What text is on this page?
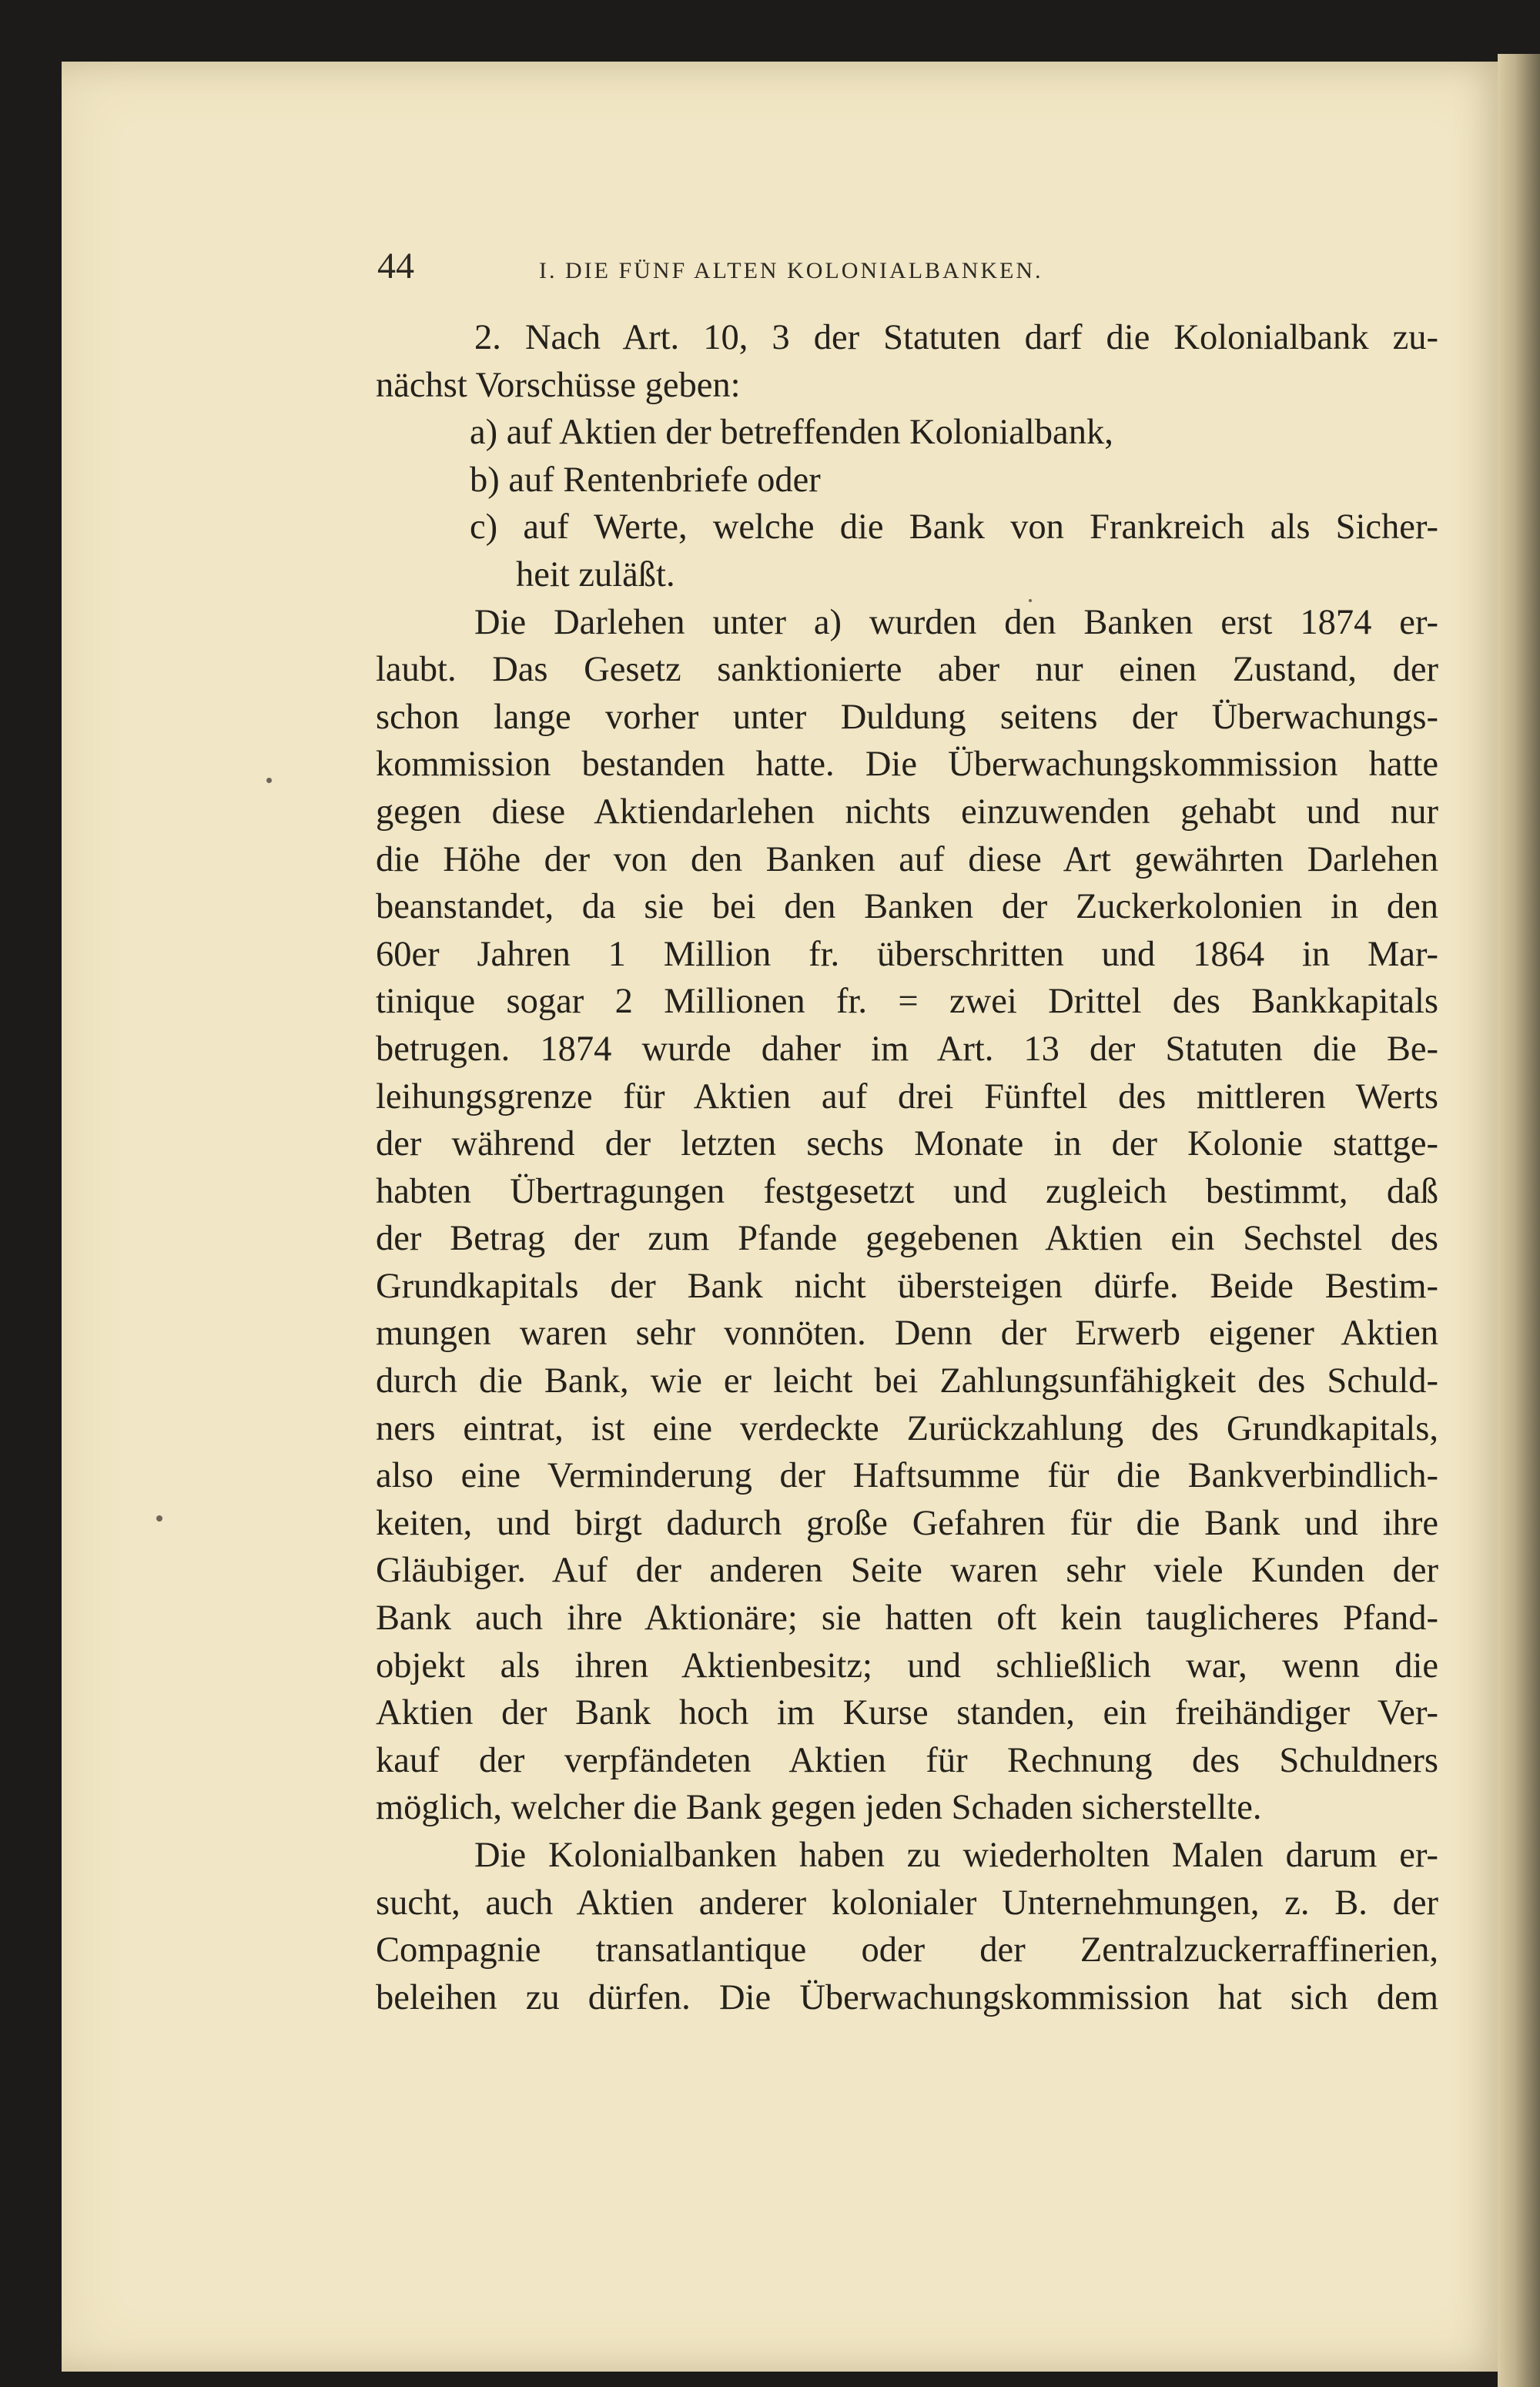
44	I. DIE FÜNF ALTEN KOLONIALBANKEN.
2. Nach Art. 10, 3 der Statuten darf die Kolonialbank zu-
nächst Vorschüsse geben:
a) auf Aktien der betreffenden Kolonialbank,
b) auf Rentenbriefe oder
c) auf Werte, welche die Bank von Frankreich als Sicher-
heit zuläßt.
Die Darlehen unter a) wurden den Banken erst 1874 er-
laubt. Das Gesetz sanktionierte aber nur einen Zustand, der
schon lange vorher unter Duldung seitens der Überwachungs-
kommission bestanden hatte. Die Überwachungskommission hatte
gegen diese Aktiendarlehen nichts einzuwenden gehabt und nur
die Höhe der von den Banken auf diese Art gewährten Darlehen
beanstandet, da sie bei den Banken der Zuckerkolonien in den
60er Jahren 1 Million fr. überschritten und 1864 in Mar-
tinique sogar 2 Millionen fr. = zwei Drittel des Bankkapitals
betrugen. 1874 wurde daher im Art. 13 der Statuten die Be-
leihungsgrenze für Aktien auf drei Fünftel des mittleren Werts
der während der letzten sechs Monate in der Kolonie stattge-
habten Übertragungen festgesetzt und zugleich bestimmt, daß
der Betrag der zum Pfande gegebenen Aktien ein Sechstel des
Grundkapitals der Bank nicht übersteigen dürfe. Beide Bestim-
mungen waren sehr vonnöten. Denn der Erwerb eigener Aktien
durch die Bank, wie er leicht bei Zahlungsunfähigkeit des Schuld-
ners eintrat, ist eine verdeckte Zurückzahlung des Grundkapitals,
also eine Verminderung der Haftsumme für die Bankverbindlich-
keiten, und birgt dadurch große Gefahren für die Bank und ihre
Gläubiger. Auf der anderen Seite waren sehr viele Kunden der
Bank auch ihre Aktionäre; sie hatten oft kein tauglicheres Pfand-
objekt als ihren Aktienbesitz; und schließlich war, wenn die
Aktien der Bank hoch im Kurse standen, ein freihändiger Ver-
kauf der verpfändeten Aktien für Rechnung des Schuldners
möglich, welcher die Bank gegen jeden Schaden sicherstellte.
Die Kolonialbanken haben zu wiederholten Malen darum er-
sucht, auch Aktien anderer kolonialer Unternehmungen, z. B. der
Compagnie transatlantique oder der Zentralzuckerraffinerien,
beleihen zu dürfen. Die Überwachungskommission hat sich dem
